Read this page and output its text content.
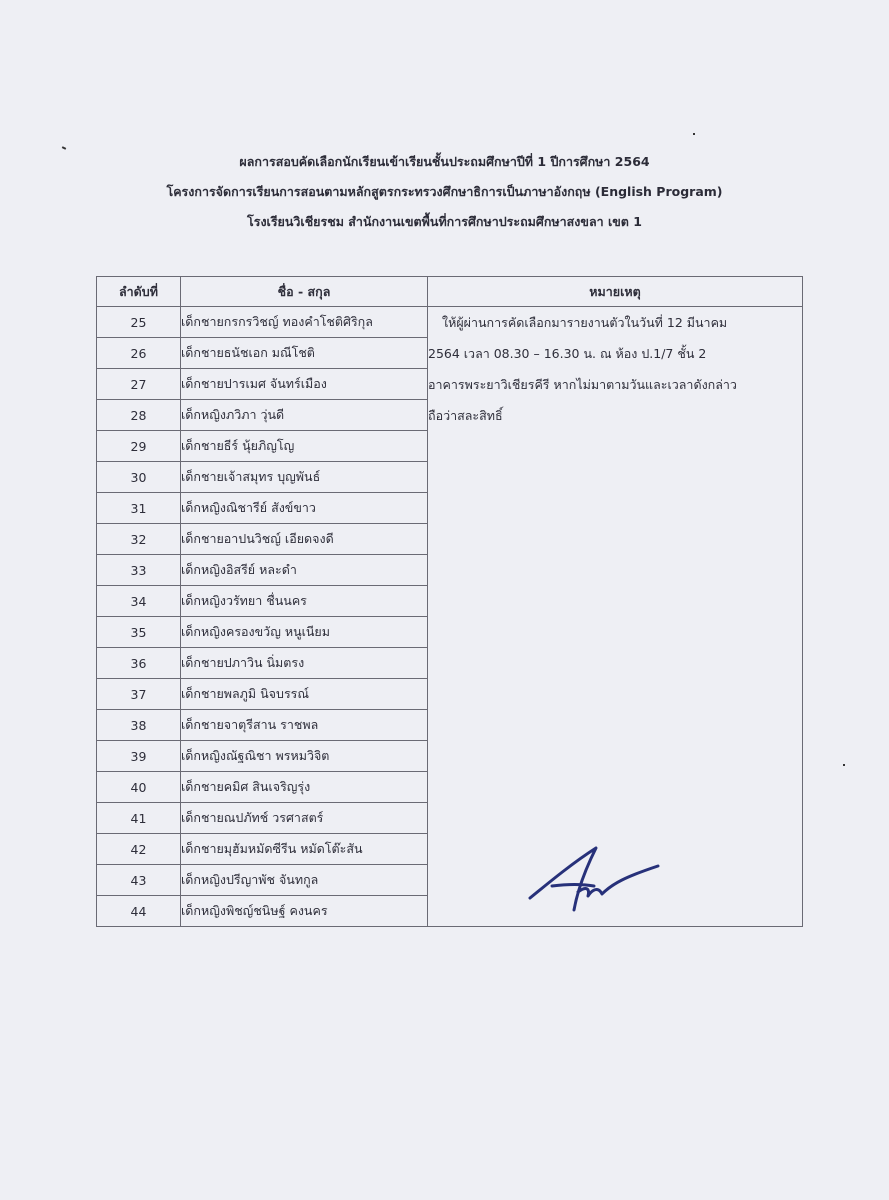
ผลการสอบคัดเลือกนักเรียนเข้าเรียนชั้นประถมศึกษาปีที่ 1 ปีการศึกษา 2564
โครงการจัดการเรียนการสอนตามหลักสูตรกระทรวงศึกษาธิการเป็นภาษาอังกฤษ (English Program)
โรงเรียนวิเชียรชม สำนักงานเขตพื้นที่การศึกษาประถมศึกษาสงขลา เขต 1
ลำดับที่	ชื่อ - สกุล	หมายเหตุ
25	เด็กชายกรกรวิชญ์ ทองคำโชติศิริกุล	ให้ผู้ผ่านการคัดเลือกมารายงานตัวในวันที่ 12 มีนาคม
2564 เวลา 08.30 – 16.30 น. ณ ห้อง ป.1/7 ชั้น 2
อาคารพระยาวิเชียรคีรี หากไม่มาตามวันและเวลาดังกล่าว
ถือว่าสละสิทธิ์

26	เด็กชายธนัชเอก มณีโชติ	
27	เด็กชายปารเมศ จันทร์เมือง	
28	เด็กหญิงภวิภา วุ่นดี	
29	เด็กชายธีร์ นุ้ยภิญโญ	
30	เด็กชายเจ้าสมุทร บุญพันธ์	
31	เด็กหญิงณิชารีย์ สังข์ขาว	
32	เด็กชายอาปนวิชญ์ เอียดจงดี	
33	เด็กหญิงอิสรีย์ หละดำ	
34	เด็กหญิงวรัทยา ชื่นนคร	
35	เด็กหญิงครองขวัญ หนูเนียม	
36	เด็กชายปภาวิน นิ่มตรง	
37	เด็กชายพลภูมิ นิจบรรณ์	
38	เด็กชายจาตุรีสาน ราชพล	
39	เด็กหญิงณัฐณิชา พรหมวิจิต	
40	เด็กชายคมิศ สินเจริญรุ่ง	
41	เด็กชายณปภัทช์ วรศาสตร์	
42	เด็กชายมุฮัมหมัดซีรีน หมัดโต๊ะสัน	
43	เด็กหญิงปรีญาพัช จันทกูล	
44	เด็กหญิงพิชญ์ชนิษฐ์ คงนคร	
